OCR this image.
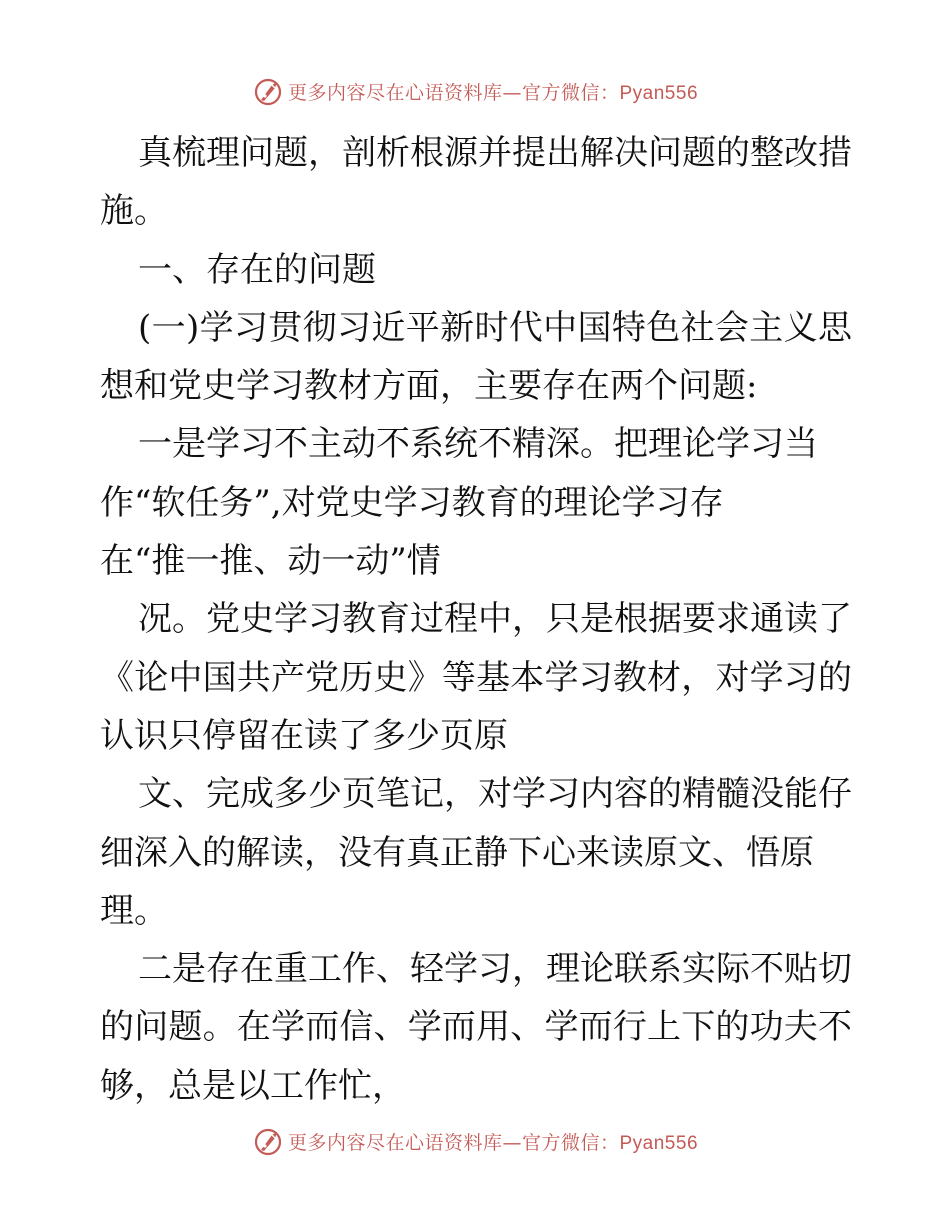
更多内容尽在心语资料库—官方微信：Pyan556
真梳理问题，剖析根源并提出解决问题的整改措
施。
一、存在的问题
(一)学习贯彻习近平新时代中国特色社会主义思
想和党史学习教材方面，主要存在两个问题:
一是学习不主动不系统不精深。把理论学习当
作“软任务”,对党史学习教育的理论学习存
在“推一推、动一动”情
况。党史学习教育过程中，只是根据要求通读了
《论中国共产党历史》等基本学习教材，对学习的
认识只停留在读了多少页原
文、完成多少页笔记，对学习内容的精髓没能仔
细深入的解读，没有真正静下心来读原文、悟原
理。
二是存在重工作、轻学习，理论联系实际不贴切
的问题。在学而信、学而用、学而行上下的功夫不
够，总是以工作忙，
更多内容尽在心语资料库—官方微信：Pyan556
